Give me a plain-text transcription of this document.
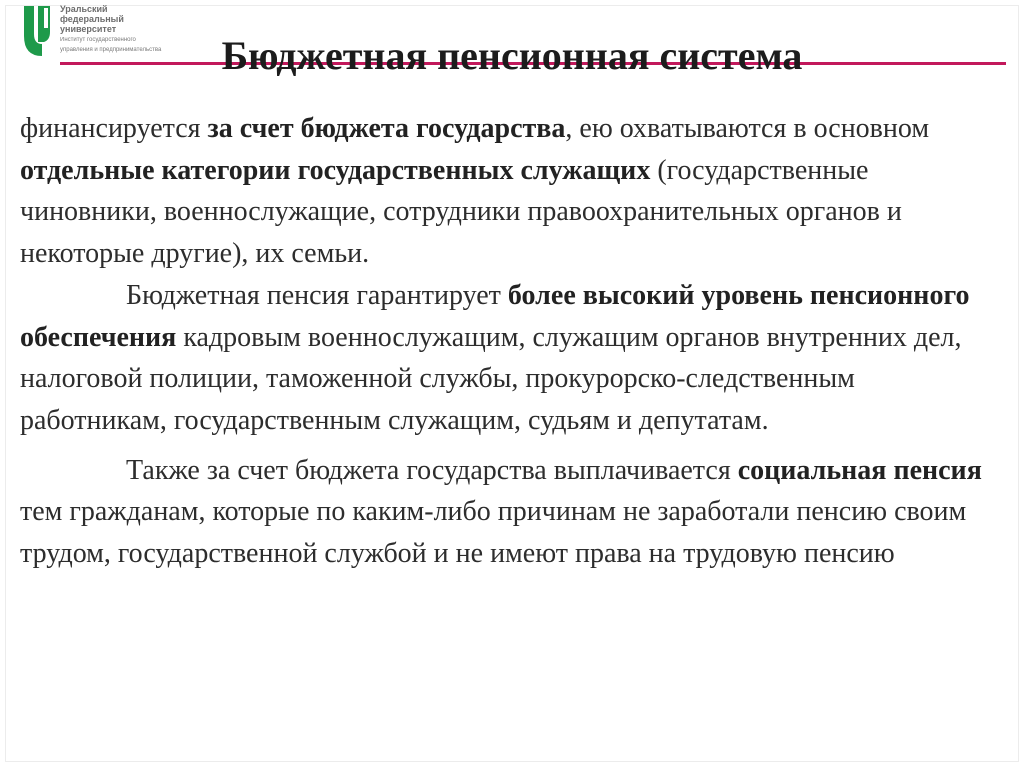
Уральский
федеральный
университет
Институт государственного
управления и предпринимательства	Бюджетная пенсионная система

финансируется за счет бюджета государства, ею охватываются в основном отдельные категории государственных служащих (государственные чиновники, военнослужащие, сотрудники правоохранительных органов и некоторые другие), их семьи.

Бюджетная пенсия гарантирует более высокий уровень пенсионного обеспечения кадровым военнослужащим, служащим органов внутренних дел, налоговой полиции, таможенной службы, прокурорско-следственным работникам, государственным служащим, судьям и депутатам.

Также за счет бюджета государства выплачивается социальная пенсия тем гражданам, которые по каким-либо причинам не заработали пенсию своим трудом, государственной службой и не имеют права на трудовую пенсию
